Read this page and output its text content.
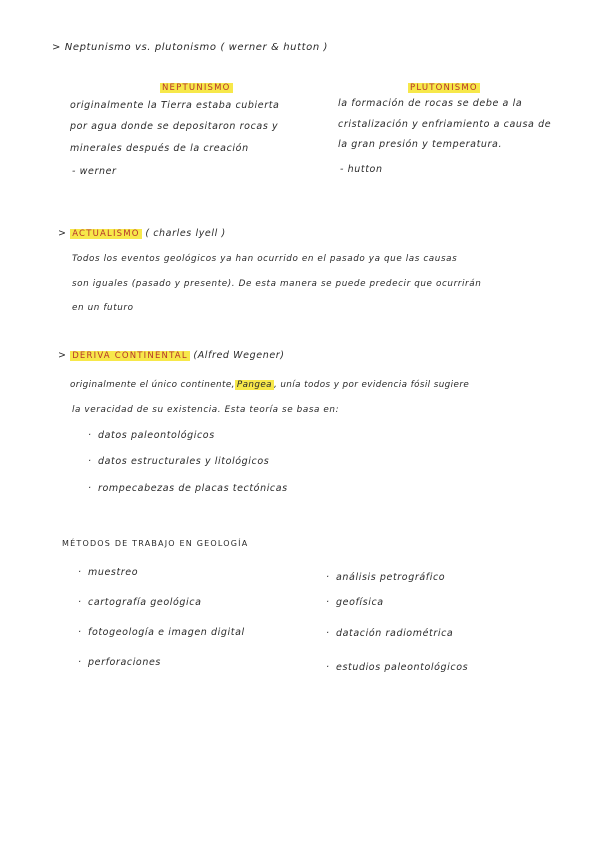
> Neptunismo vs. plutonismo ( werner & hutton )
NEPTUNISMO
originalmente la Tierra estaba cubierta
por agua donde se depositaron rocas y
minerales después de la creación
- werner
PLUTONISMO
la formación de rocas se debe a la
cristalización y enfriamiento a causa de
la gran presión y temperatura.
- hutton
> ACTUALISMO ( charles lyell )
Todos los eventos geológicos ya han ocurrido en el pasado ya que las causas
son iguales (pasado y presente). De esta manera se puede predecir que ocurrirán
en un futuro
> DERIVA CONTINENTAL (Alfred Wegener)
originalmente el único continente, Pangea , unía todos y por evidencia fósil sugiere
la veracidad de su existencia. Esta teoría se basa en:
· datos paleontológicos
· datos estructurales y litológicos
· rompecabezas de placas tectónicas
MÉTODOS DE TRABAJO EN GEOLOGÍA
· muestreo
· cartografía geológica
· fotogeología e imagen digital
· perforaciones
· análisis petrográfico
· geofísica
· datación radiométrica
· estudios paleontológicos
